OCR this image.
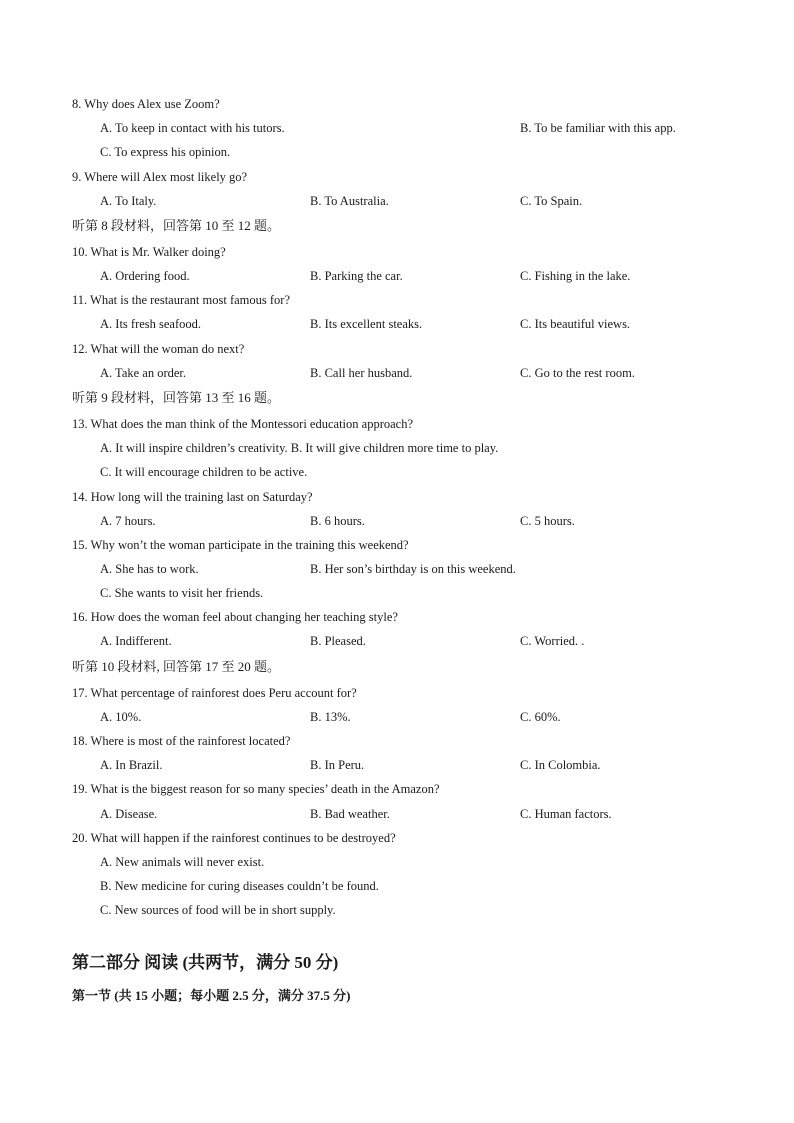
8. Why does Alex use Zoom?
A. To keep in contact with his tutors.	B. To be familiar with this app.
C. To express his opinion.
9. Where will Alex most likely go?
A. To Italy.	B. To Australia.	C. To Spain.
听第 8 段材料，回答第 10 至 12 题。
10. What is Mr. Walker doing?
A. Ordering food.	B. Parking the car.	C. Fishing in the lake.
11. What is the restaurant most famous for?
A. Its fresh seafood.	B. Its excellent steaks.	C. Its beautiful views.
12. What will the woman do next?
A. Take an order.	B. Call her husband.	C. Go to the rest room.
听第 9 段材料，回答第 13 至 16 题。
13. What does the man think of the Montessori education approach?
A. It will inspire children’s creativity. B. It will give children more time to play.
C. It will encourage children to be active.
14. How long will the training last on Saturday?
A. 7 hours.	B. 6 hours.	C. 5 hours.
15. Why won’t the woman participate in the training this weekend?
A. She has to work.	B. Her son’s birthday is on this weekend.
C. She wants to visit her friends.
16. How does the woman feel about changing her teaching style?
A. Indifferent.	B. Pleased.	C. Worried. .
听第 10 段材料, 回答第 17 至 20 题。
17. What percentage of rainforest does Peru account for?
A. 10%.	B. 13%.	C. 60%.
18. Where is most of the rainforest located?
A. In Brazil.	B. In Peru.	C. In Colombia.
19. What is the biggest reason for so many species’ death in the Amazon?
A. Disease.	B. Bad weather.	C. Human factors.
20. What will happen if the rainforest continues to be destroyed?
A. New animals will never exist.
B. New medicine for curing diseases couldn’t be found.
C. New sources of food will be in short supply.
第二部分 阅读 (共两节，满分 50 分)
第一节 (共 15 小题；每小题 2.5 分，满分 37.5 分)
